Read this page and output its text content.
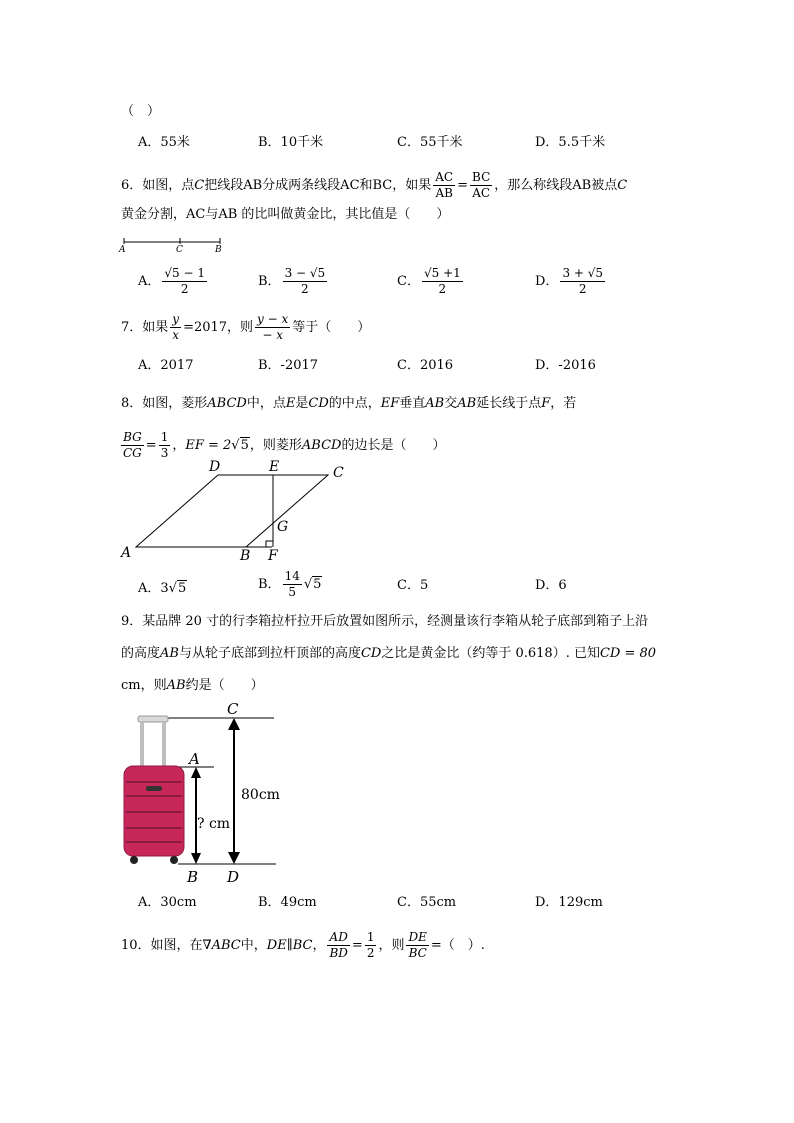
（　）
A．55米	B．10千米	C．55千米	D．5.5千米
6．如图，点C把线段AB分成两条线段AC和BC，如果 $\frac{AC}{AB} = \frac{BC}{AC}$ ，那么称线段AB被点C
黄金分割，AC与AB 的比叫做黄金比，其比值是（　　）
A	C	B
A． $\frac{√5 - 1}{2}$	B． $\frac{3 - √5}{2}$	C． $\frac{√5 +1}{2}$	D． $\frac{3 + √5}{2}$
7．如果 $\frac{y}{x} =2017$，则 $\frac{y - x}{- x}$ 等于（　　）
A．2017	B．-2017	C．2016	D．-2016
8．如图，菱形ABCD中，点E是CD的中点，EF垂直AB交AB延长线于点F，若
$\frac{BG}{CG} = \frac{1}{3}$ ，EF = 2√5，则菱形ABCD的边长是（　　）
D	E	C
G
A	B F
A．3√5	B． $\frac{14}{5} √5$	C．5	D．6
9．某品牌 20 寸的行李箱拉杆拉开后放置如图所示，经测量该行李箱从轮子底部到箱子上沿
的高度AB与从轮子底部到拉杆顶部的高度CD之比是黄金比（约等于 0.618）. 已知CD = 80
cm，则AB约是（　　）
C
A
80cm
? cm
B D
A．30cm	B．49cm	C．55cm	D．129cm
10．如图，在∇ABC中，DE∥BC， $\frac{AD}{BD} = \frac{1}{2}$ ，则 $\frac{DE}{BC}$ =（　）.
